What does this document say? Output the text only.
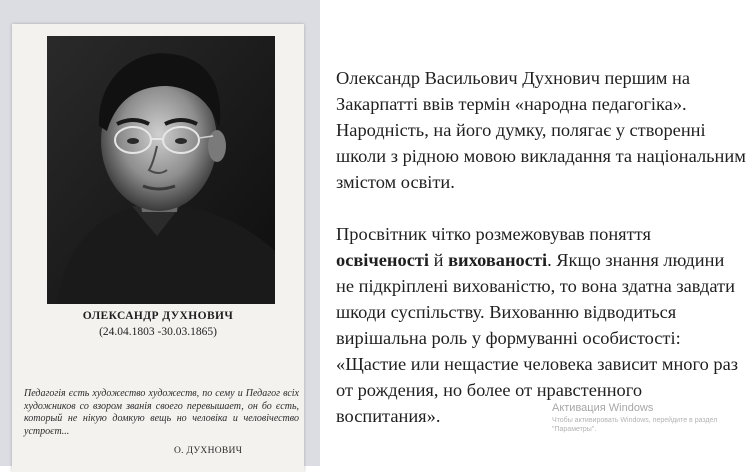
ОЛЕКСАНДР ДУХНОВИЧ
(24.04.1803 -30.03.1865)
Педагогія єсть художество художеств, по сему и Педагог всіх художников со взором званія своего перевышает, он бо єсть, который не нікую домкую вещь но человіка и человічество устроєт...
О. ДУХНОВИЧ

Олександр Васильович Духнович першим на Закарпатті ввів термін «народна педагогіка». Народність, на його думку, полягає у створенні школи з рідною мовою викладання та національним змістом освіти.

Просвітник чітко розмежовував поняття освіченості й вихованості. Якщо знання людини не підкріплені вихованістю, то вона здатна завдати шкоди суспільству. Вихованню відводиться вирішальна роль у формуванні особистості: «Щастие или нещастие человека зависит много раз от рождения, но более от нравстенного воспитания».	Активация Windows
Чтобы активировать Windows, перейдите в раздел "Параметры".
